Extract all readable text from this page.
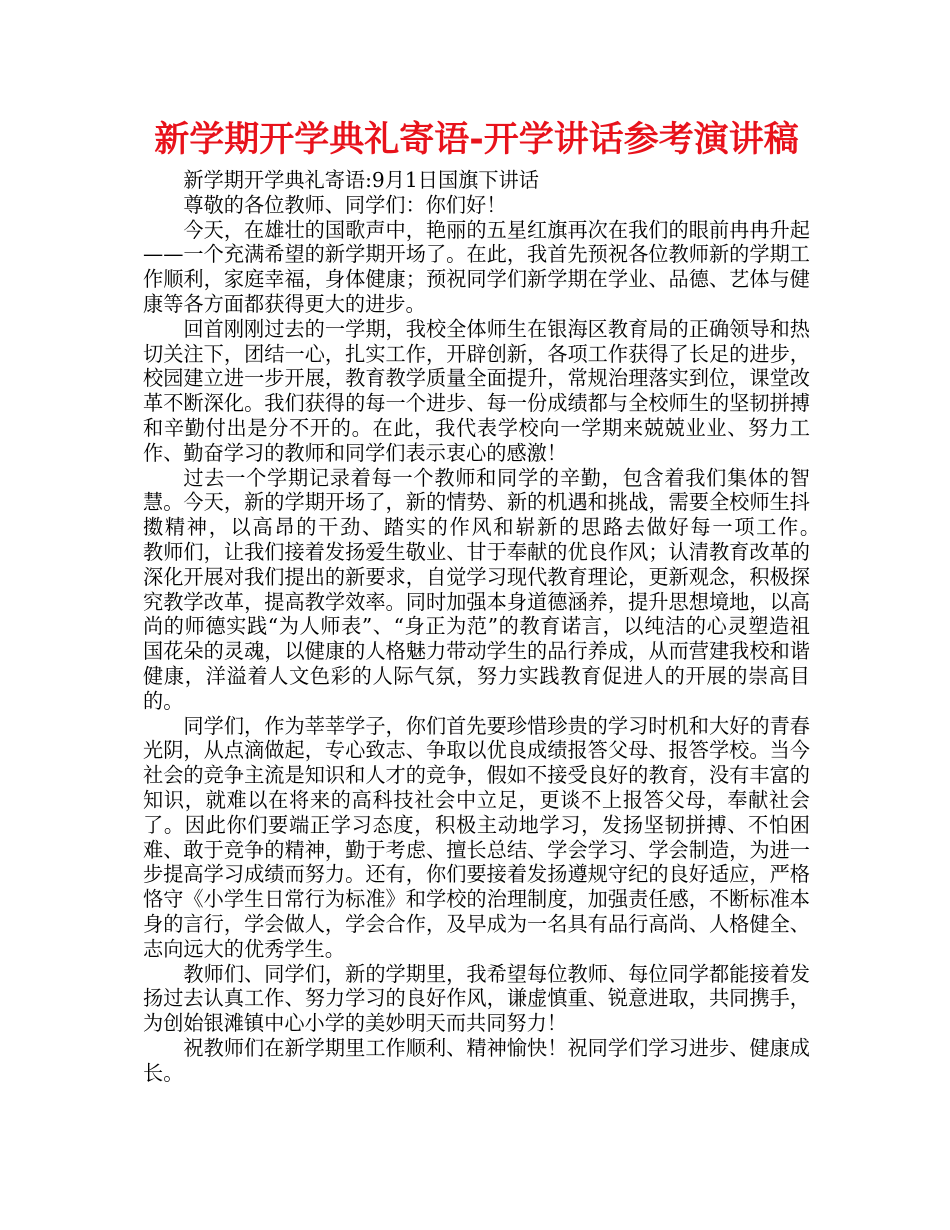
新学期开学典礼寄语-开学讲话参考演讲稿

新学期开学典礼寄语:9月1日国旗下讲话

尊敬的各位教师、同学们：你们好！

今天，在雄壮的国歌声中，艳丽的五星红旗再次在我们的眼前冉冉升起——一个充满希望的新学期开场了。在此，我首先预祝各位教师新的学期工作顺利，家庭幸福，身体健康；预祝同学们新学期在学业、品德、艺体与健康等各方面都获得更大的进步。

回首刚刚过去的一学期，我校全体师生在银海区教育局的正确领导和热切关注下，团结一心，扎实工作，开辟创新，各项工作获得了长足的进步，校园建立进一步开展，教育教学质量全面提升，常规治理落实到位，课堂改革不断深化。我们获得的每一个进步、每一份成绩都与全校师生的坚韧拼搏和辛勤付出是分不开的。在此，我代表学校向一学期来兢兢业业、努力工作、勤奋学习的教师和同学们表示衷心的感激！

过去一个学期记录着每一个教师和同学的辛勤，包含着我们集体的智慧。今天，新的学期开场了，新的情势、新的机遇和挑战，需要全校师生抖擞精神，以高昂的干劲、踏实的作风和崭新的思路去做好每一项工作。　　教师们，让我们接着发扬爱生敬业、甘于奉献的优良作风；认清教育改革的深化开展对我们提出的新要求，自觉学习现代教育理论，更新观念，积极探究教学改革，提高教学效率。同时加强本身道德涵养，提升思想境地，以高尚的师德实践“为人师表”、“身正为范”的教育诺言，以纯洁的心灵塑造祖国花朵的灵魂，以健康的人格魅力带动学生的品行养成，从而营建我校和谐健康，洋溢着人文色彩的人际气氛，努力实践教育促进人的开展的崇高目的。

同学们，作为莘莘学子，你们首先要珍惜珍贵的学习时机和大好的青春光阴，从点滴做起，专心致志、争取以优良成绩报答父母、报答学校。当今社会的竞争主流是知识和人才的竞争，假如不接受良好的教育，没有丰富的知识，就难以在将来的高科技社会中立足，更谈不上报答父母，奉献社会了。因此你们要端正学习态度，积极主动地学习，发扬坚韧拼搏、不怕困难、敢于竞争的精神，勤于考虑、擅长总结、学会学习、学会制造，为进一步提高学习成绩而努力。还有，你们要接着发扬遵规守纪的良好适应，严格恪守《小学生日常行为标准》和学校的治理制度，加强责任感，不断标准本身的言行，学会做人，学会合作，及早成为一名具有品行高尚、人格健全、志向远大的优秀学生。

教师们、同学们，新的学期里，我希望每位教师、每位同学都能接着发扬过去认真工作、努力学习的良好作风，谦虚慎重、锐意进取，共同携手，为创始银滩镇中心小学的美妙明天而共同努力！

祝教师们在新学期里工作顺利、精神愉快！祝同学们学习进步、健康成长。
